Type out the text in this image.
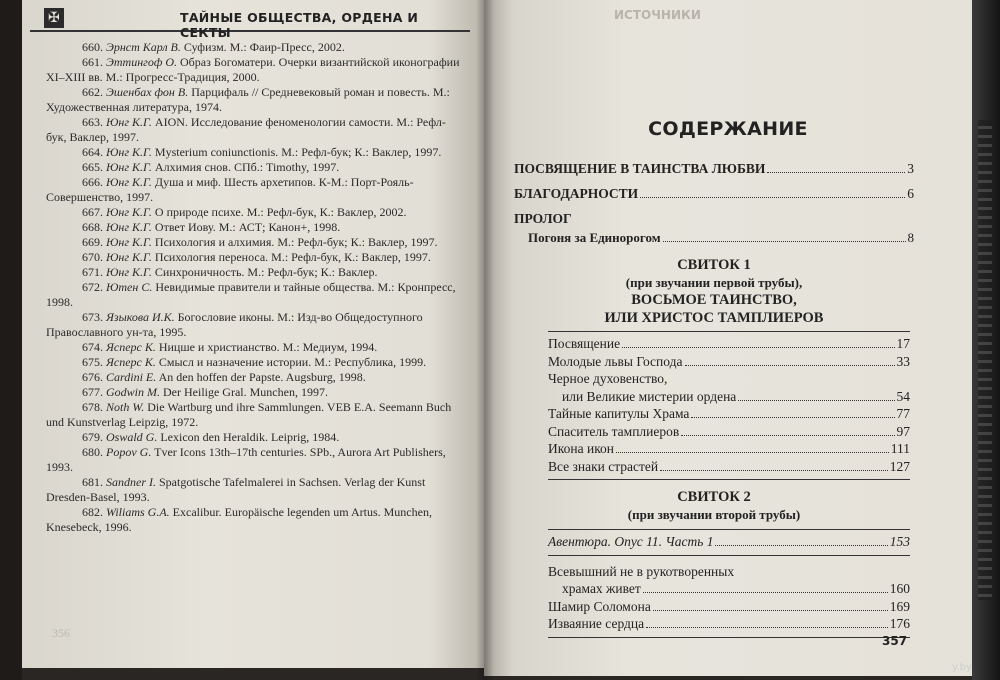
✠	ТАЙНЫЕ ОБЩЕСТВА, ОРДЕНА И СЕКТЫ

660. Эрнст Карл В. Суфизм. М.: Фаир-Пресс, 2002.

661. Эттингоф О. Образ Богоматери. Очерки византийской иконографии XI–XIII вв. М.: Прогресс-Традиция, 2000.

662. Эшенбах фон В. Парцифаль // Средневековый роман и повесть. М.: Художественная литература, 1974.

663. Юнг К.Г. AION. Исследование феноменологии самости. М.: Рефл-бук, Ваклер, 1997.

664. Юнг К.Г. Mysterium coniunctionis. М.: Рефл-бук; К.: Ваклер, 1997.

665. Юнг К.Г. Алхимия снов. СПб.: Timothy, 1997.

666. Юнг К.Г. Душа и миф. Шесть архетипов. К-М.: Порт-Рояль-Совершенство, 1997.

667. Юнг К.Г. О природе психе. М.: Рефл-бук, К.: Ваклер, 2002.

668. Юнг К.Г. Ответ Иову. М.: АСТ; Канон+, 1998.

669. Юнг К.Г. Психология и алхимия. М.: Рефл-бук; К.: Ваклер, 1997.

670. Юнг К.Г. Психология переноса. М.: Рефл-бук, К.: Ваклер, 1997.

671. Юнг К.Г. Синхроничность. М.: Рефл-бук; К.: Ваклер.

672. Ютен С. Невидимые правители и тайные общества. М.: Кронпресс, 1998.

673. Языкова И.К. Богословие иконы. М.: Изд-во Общедоступного Православного ун-та, 1995.

674. Ясперс К. Ницше и христианство. М.: Медиум, 1994.

675. Ясперс К. Смысл и назначение истории. М.: Республика, 1999.

676. Cardini E. An den hoffen der Papste. Augsburg, 1998.

677. Godwin M. Der Heilige Gral. Munchen, 1997.

678. Noth W. Die Wartburg und ihre Sammlungen. VEB E.A. Seemann Buch und Kunstverlag Leipzig, 1972.

679. Oswald G. Lexicon den Heraldik. Leiprig, 1984.

680. Popov G. Tver Icons 13th–17th centuries. SPb., Aurora Art Publishers, 1993.

681. Sandner I. Spatgotische Tafelmalerei in Sachsen. Verlag der Kunst Dresden-Basel, 1993.

682. Wiliams G.A. Excalibur. Europäische legenden um Artus. Munchen, Knesebeck, 1996.

356
ИСТОЧНИКИ
СОДЕРЖАНИЕ
ПОСВЯЩЕНИЕ В ТАИНСТВА ЛЮБВИ	3
БЛАГОДАРНОСТИ	6
ПРОЛОГ
Погоня за Единорогом	8
СВИТОК 1
(при звучании первой трубы),
ВОСЬМОЕ ТАИНСТВО,
ИЛИ ХРИСТОС ТАМПЛИЕРОВ
Посвящение	17
Молодые львы Господа	33
Черное духовенство,
или Великие мистерии ордена	54
Тайные капитулы Храма	77
Спаситель тамплиеров	97
Икона икон	111
Все знаки страстей	127
СВИТОК 2
(при звучании второй трубы)
Авентюра. Опус 11. Часть 1	153
Всевышний не в рукотворенных
храмах живет	160
Шамир Соломона	169
Изваяние сердца	176
357
y.by
